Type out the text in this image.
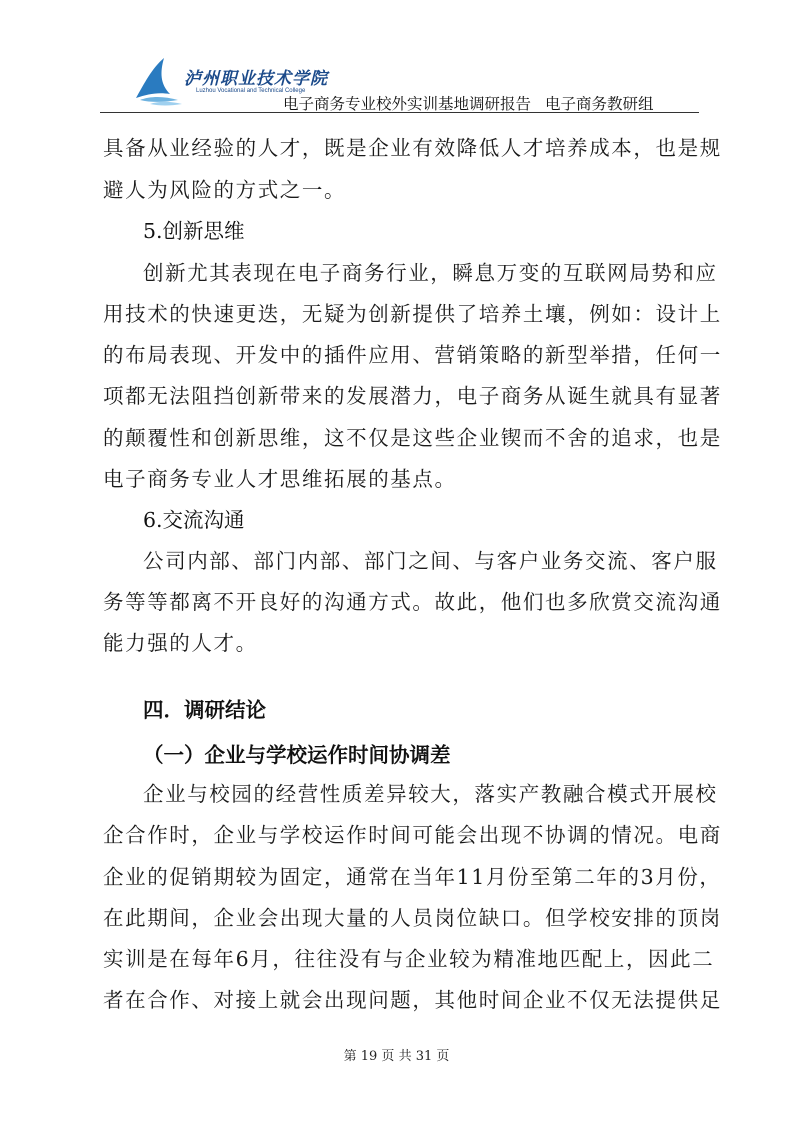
泸州职业技术学院
Luzhou Vocational and Technical College
电子商务专业校外实训基地调研报告 电子商务教研组
具备从业经验的人才，既是企业有效降低人才培养成本，也是规
避人为风险的方式之一。
5.创新思维
创新尤其表现在电子商务行业，瞬息万变的互联网局势和应
用技术的快速更迭，无疑为创新提供了培养土壤，例如：设计上
的布局表现、开发中的插件应用、营销策略的新型举措，任何一
项都无法阻挡创新带来的发展潜力，电子商务从诞生就具有显著
的颠覆性和创新思维，这不仅是这些企业锲而不舍的追求，也是
电子商务专业人才思维拓展的基点。
6.交流沟通
公司内部、部门内部、部门之间、与客户业务交流、客户服
务等等都离不开良好的沟通方式。故此，他们也多欣赏交流沟通
能力强的人才。
四．调研结论
（一）企业与学校运作时间协调差
企业与校园的经营性质差异较大，落实产教融合模式开展校
企合作时，企业与学校运作时间可能会出现不协调的情况。电商
企业的促销期较为固定，通常在当年11月份至第二年的3月份，
在此期间，企业会出现大量的人员岗位缺口。但学校安排的顶岗
实训是在每年6月，往往没有与企业较为精准地匹配上，因此二
者在合作、对接上就会出现问题，其他时间企业不仅无法提供足
第 19 页 共 31 页
